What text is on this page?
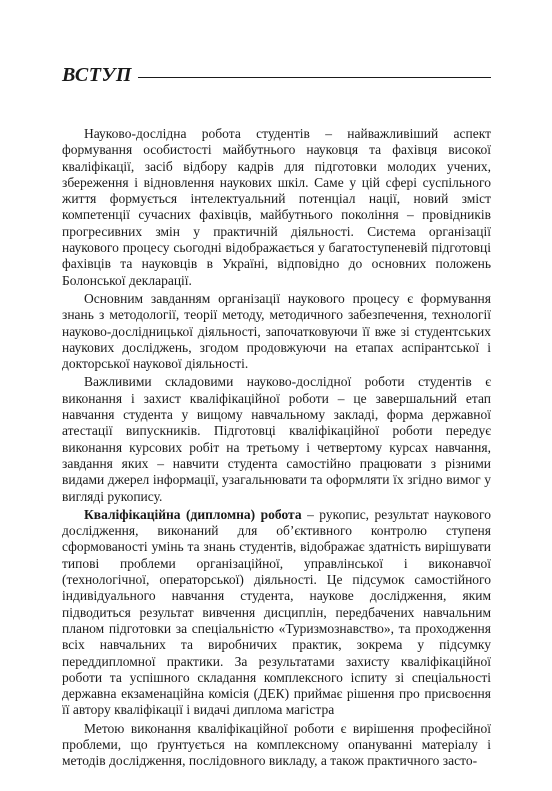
ВСТУП

Науково-дослідна робота студентів – найважливіший аспект формування особистості майбутнього науковця та фахівця високої кваліфікації, засіб відбору кадрів для підготовки молодих учених, збереження і відновлення наукових шкіл. Саме у цій сфері суспільного життя формується інтелектуальний потенціал нації, новий зміст компетенції сучасних фахівців, майбутнього покоління – провідників прогресивних змін у практичній діяльності. Система організації наукового процесу сьогодні відображається у багатоступеневій підготовці фахівців та науковців в Україні, відповідно до основних положень Болонської декларації.

Основним завданням організації наукового процесу є формування знань з методології, теорії методу, методичного забезпечення, технології науково-дослідницької діяльності, започатковуючи її вже зі студентських наукових досліджень, згодом продовжуючи на етапах аспірантської і докторської наукової діяльності.

Важливими складовими науково-дослідної роботи студентів є виконання і захист кваліфікаційної роботи – це завершальний етап навчання студента у вищому навчальному закладі, форма державної атестації випускників. Підготовці кваліфікаційної роботи передує виконання курсових робіт на третьому і четвертому курсах навчання, завдання яких – навчити студента самостійно працювати з різними видами джерел інформації, узагальнювати та оформляти їх згідно вимог у вигляді рукопису.

Кваліфікаційна (дипломна) робота – рукопис, результат наукового дослідження, виконаний для об’єктивного контролю ступеня сформованості умінь та знань студентів, відображає здатність вирішувати типові проблеми організаційної, управлінської і виконавчої (технологічної, операторської) діяльності. Це підсумок самостійного індивідуального навчання студента, наукове дослідження, яким підводиться результат вивчення дисциплін, передбачених навчальним планом підготовки за спеціальністю «Туризмознавство», та проходження всіх навчальних та виробничих практик, зокрема у підсумку переддипломної практики. За результатами захисту кваліфікаційної роботи та успішного складання комплексного іспиту зі спеціальності державна екзаменаційна комісія (ДЕК) приймає рішення про присвоєння її автору кваліфікації і видачі диплома магістра

Метою виконання кваліфікаційної роботи є вирішення професійної проблеми, що ґрунтується на комплексному опануванні матеріалу і методів дослідження, послідовного викладу, а також практичного засто-
